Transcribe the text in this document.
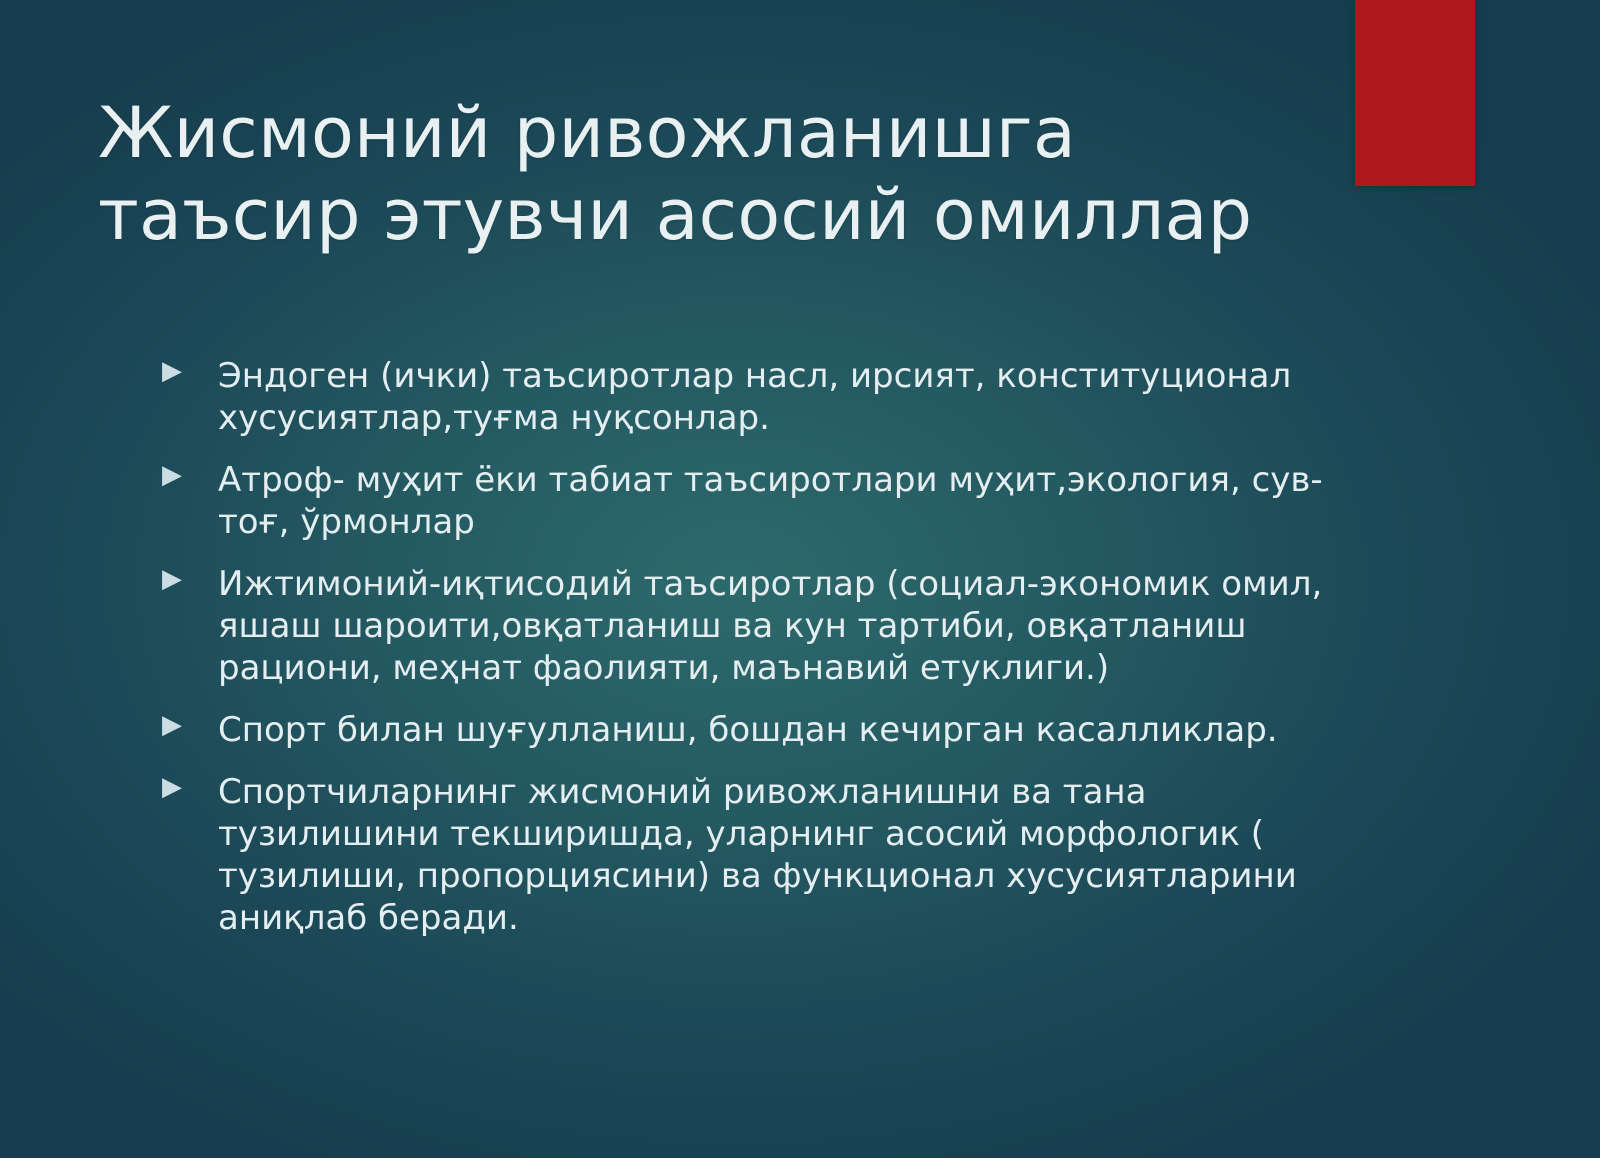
Жисмоний ривожланишга
таъсир этувчи асосий омиллар
▶ Эндоген (ички) таъсиротлар насл, ирсият, конституционал хусусиятлар,туғма нуқсонлар.
▶ Атроф- муҳит ёки табиат таъсиротлари муҳит,экология, сув-тоғ, ўрмонлар
▶ Ижтимоний-иқтисодий таъсиротлар (социал-экономик омил, яшаш шароити,овқатланиш ва кун тартиби, овқатланиш рациони, меҳнат фаолияти, маънавий етуклиги.)
▶ Спорт билан шуғулланиш, бошдан кечирган касалликлар.
▶ Спортчиларнинг жисмоний ривожланишни ва тана тузилишини текширишда, уларнинг асосий морфологик ( тузилиши, пропорциясини) ва функционал хусусиятларини аниқлаб беради.
